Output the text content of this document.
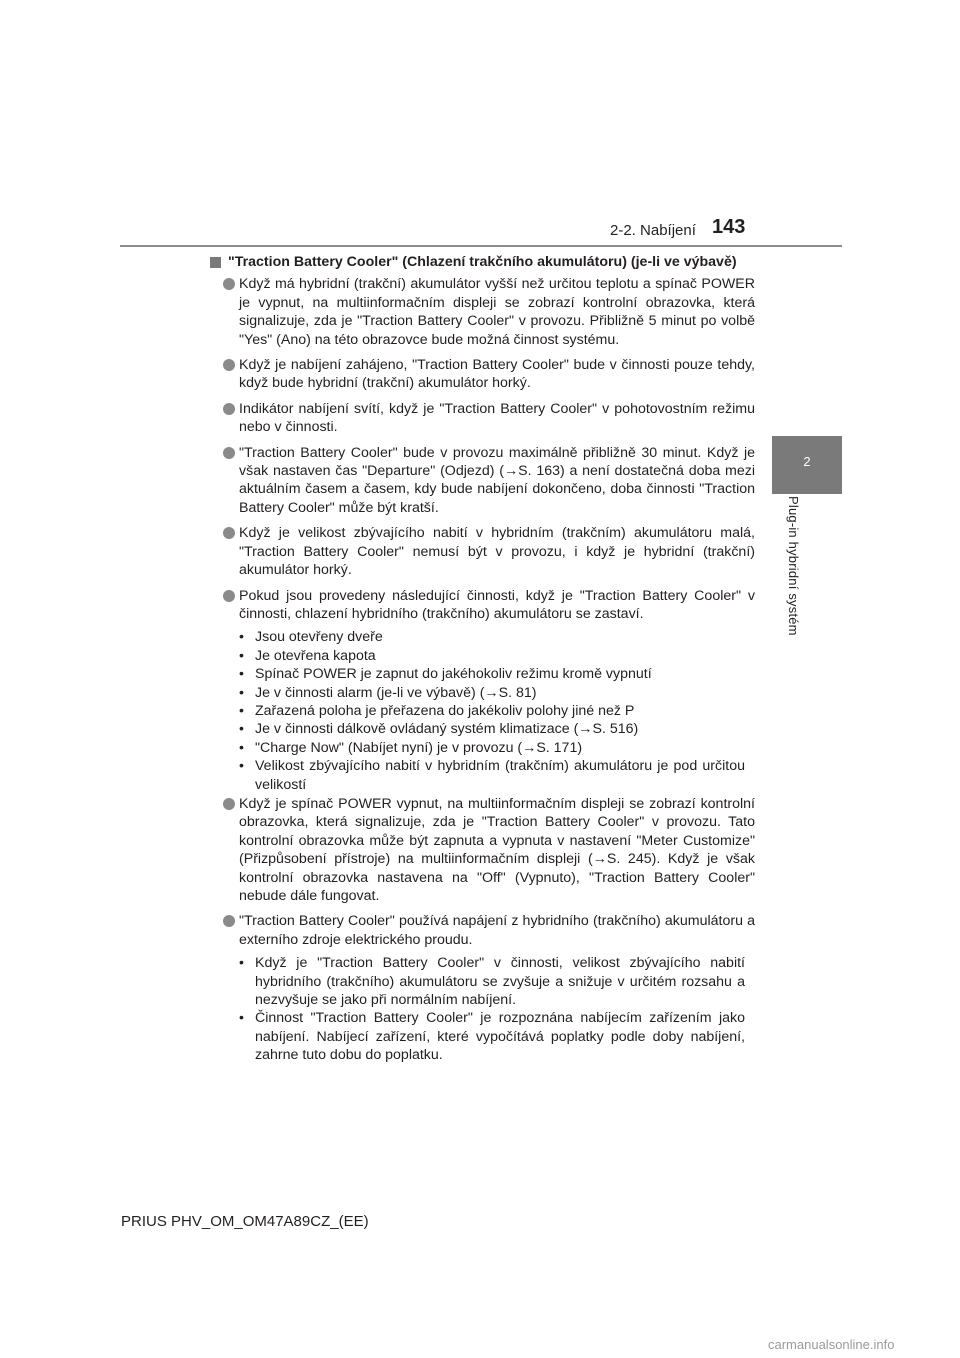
2-2. Nabíjení 143
2
Plug-in hybridní systém
"Traction Battery Cooler" (Chlazení trakčního akumulátoru) (je-li ve výbavě)
Když má hybridní (trakční) akumulátor vyšší než určitou teplotu a spínač POWER je vypnut, na multiinformačním displeji se zobrazí kontrolní obrazovka, která signalizuje, zda je "Traction Battery Cooler" v provozu. Přibližně 5 minut po volbě "Yes" (Ano) na této obrazovce bude možná činnost systému.
Když je nabíjení zahájeno, "Traction Battery Cooler" bude v činnosti pouze tehdy, když bude hybridní (trakční) akumulátor horký.
Indikátor nabíjení svítí, když je "Traction Battery Cooler" v pohotovostním režimu nebo v činnosti.
"Traction Battery Cooler" bude v provozu maximálně přibližně 30 minut. Když je však nastaven čas "Departure" (Odjezd) (→S. 163) a není dostatečná doba mezi aktuálním časem a časem, kdy bude nabíjení dokončeno, doba činnosti "Traction Battery Cooler" může být kratší.
Když je velikost zbývajícího nabití v hybridním (trakčním) akumulátoru malá, "Traction Battery Cooler" nemusí být v provozu, i když je hybridní (trakční) akumulátor horký.
Pokud jsou provedeny následující činnosti, když je "Traction Battery Cooler" v činnosti, chlazení hybridního (trakčního) akumulátoru se zastaví.
• Jsou otevřeny dveře
• Je otevřena kapota
• Spínač POWER je zapnut do jakéhokoliv režimu kromě vypnutí
• Je v činnosti alarm (je-li ve výbavě) (→S. 81)
• Zařazená poloha je přeřazena do jakékoliv polohy jiné než P
• Je v činnosti dálkově ovládaný systém klimatizace (→S. 516)
• "Charge Now" (Nabíjet nyní) je v provozu (→S. 171)
• Velikost zbývajícího nabití v hybridním (trakčním) akumulátoru je pod určitou velikostí
Když je spínač POWER vypnut, na multiinformačním displeji se zobrazí kontrolní obrazovka, která signalizuje, zda je "Traction Battery Cooler" v provozu. Tato kontrolní obrazovka může být zapnuta a vypnuta v nastavení "Meter Customize" (Přizpůsobení přístroje) na multiinformačním displeji (→S. 245). Když je však kontrolní obrazovka nastavena na "Off" (Vypnuto), "Traction Battery Cooler" nebude dále fungovat.
"Traction Battery Cooler" používá napájení z hybridního (trakčního) akumulátoru a externího zdroje elektrického proudu.
• Když je "Traction Battery Cooler" v činnosti, velikost zbývajícího nabití hybridního (trakčního) akumulátoru se zvyšuje a snižuje v určitém rozsahu a nezvyšuje se jako při normálním nabíjení.
• Činnost "Traction Battery Cooler" je rozpoznána nabíjecím zařízením jako nabíjení. Nabíjecí zařízení, které vypočítává poplatky podle doby nabíjení, zahrne tuto dobu do poplatku.
PRIUS PHV_OM_OM47A89CZ_(EE)
carmanualsonline.info
